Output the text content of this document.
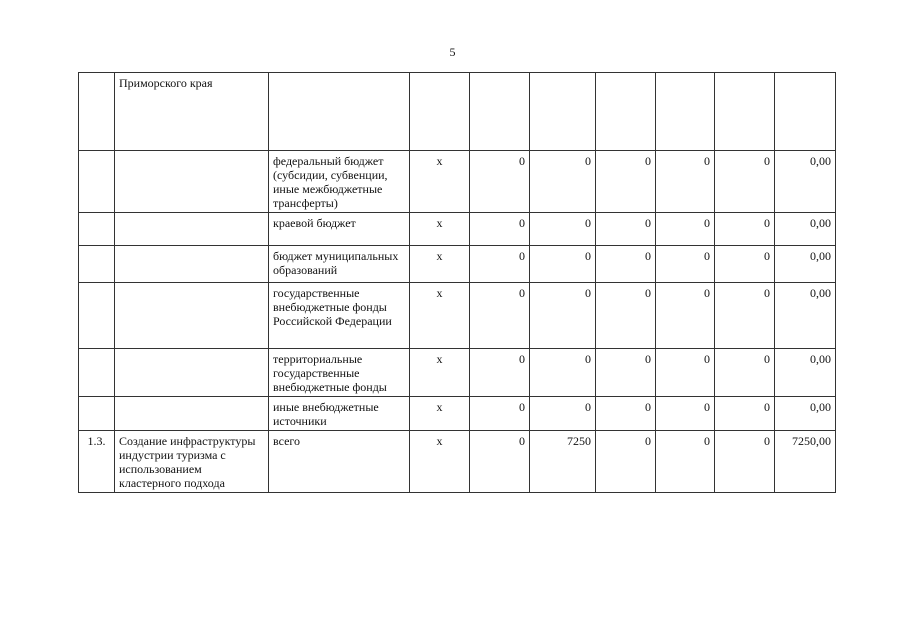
5
	Приморского края								
		федеральный бюджет (субсидии, субвенции, иные межбюджетные трансферты)	х	0	0	0	0	0	0,00
		краевой бюджет	х	0	0	0	0	0	0,00
		бюджет муниципальных образований	х	0	0	0	0	0	0,00
		государственные внебюджетные фонды Российской Федерации	х	0	0	0	0	0	0,00
		территориальные государственные внебюджетные фонды	х	0	0	0	0	0	0,00
		иные внебюджетные источники	х	0	0	0	0	0	0,00
1.3.	Создание инфраструктуры индустрии туризма с использованием кластерного подхода	всего	х	0	7250	0	0	0	7250,00
